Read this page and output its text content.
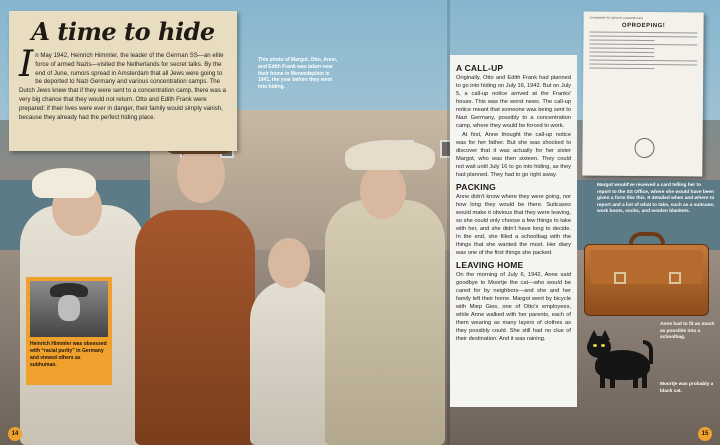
A time to hide
In May 1942, Heinrich Himmler, the leader of the German SS—an elite force of armed Nazis—visited the Netherlands for secret talks. By the end of June, rumors spread in Amsterdam that all Jews were going to be deported to Nazi Germany and various concentration camps. The Dutch Jews knew that if they were sent to a concentration camp, there was a very big chance that they would not return. Otto and Edith Frank were prepared: if their lives were ever in danger, their family would simply vanish, because they already had the perfect hiding place.
This photo of Margot, Otto, Anne, and Edith Frank was taken near their home in Merwedeplein in 1941, the year before they went into hiding.
Heinrich Himmler was obsessed with “racial purity” in Germany and viewed others as subhuman.
A CALL-UP

Originally, Otto and Edith Frank had planned to go into hiding on July 16, 1942. But on July 5, a call-up notice arrived at the Franks' house. This was the worst news. The call-up notice meant that someone was being sent to Nazi Germany, possibly to a concentration camp, where they would be forced to work.

At first, Anne thought the call-up notice was for her father. But she was shocked to discover that it was actually for her sister Margot, who was then sixteen. They could not wait until July 16 to go into hiding, as they had planned. They had to go right away.

PACKING

Anne didn't know where they were going, nor how long they would be there. Suitcases would make it obvious that they were leaving, so she could only choose a few things to take with her, and she didn't have long to decide. In the end, she filled a schoolbag with the things that she wanted the most. Her diary was one of the first things she packed.

LEAVING HOME

On the morning of July 6, 1942, Anne said goodbye to Moortje the cat—who would be cared for by neighbors—and she and her family left their home. Margot went by bicycle with Miep Gies, one of Otto's employees, while Anne walked with her parents, each of them wearing as many layers of clothes as they possibly could. She still had no clue of their destination. And it was raining.

Zentralstelle für jüdische Auswanderung
OPROEPING!
Margot would've received a card telling her to report to the SS Office, where she would have been given a form like this. It detailed when and where to report and a list of what to take, such as a suitcase, work boots, socks, and woolen blankets.
Anne had to fit as much as possible into a schoolbag.
Moortje was probably a black cat.
14	15
